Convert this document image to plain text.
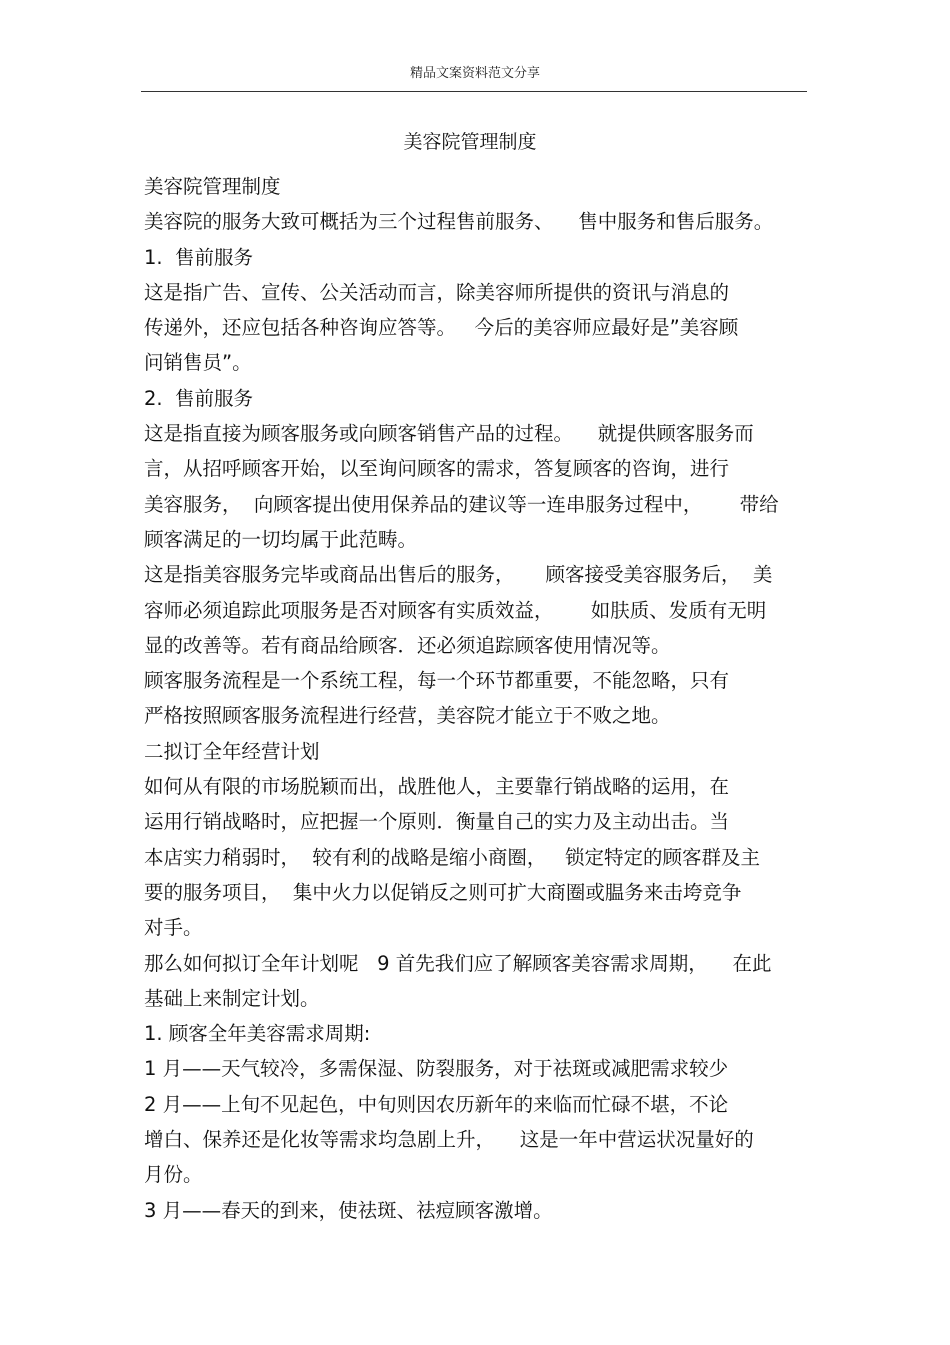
精品文案资料范文分享
美容院管理制度
美容院管理制度
美容院的服务大致可概括为三个过程售前服务、    售中服务和售后服务。
1.  售前服务
这是指广告、宣传、公关活动而言，除美容师所提供的资讯与消息的
传递外，还应包括各种咨询应答等。   今后的美容师应最好是”美容顾
问销售员”。
2.  售前服务
这是指直接为顾客服务或向顾客销售产品的过程。    就提供顾客服务而
言，从招呼顾客开始，以至询问顾客的需求，答复顾客的咨询，进行
美容服务，  向顾客提出使用保养品的建议等一连串服务过程中，      带给
顾客满足的一切均属于此范畴。
这是指美容服务完毕或商品出售后的服务，     顾客接受美容服务后，  美
容师必须追踪此项服务是否对顾客有实质效益，      如肤质、发质有无明
显的改善等。若有商品给顾客．还必须追踪顾客使用情况等。
顾客服务流程是一个系统工程，每一个环节都重要，不能忽略，只有
严格按照顾客服务流程进行经营，美容院才能立于不败之地。
二拟订全年经营计划
如何从有限的市场脱颖而出，战胜他人，主要靠行销战略的运用，在
运用行销战略时，应把握一个原则．衡量自己的实力及主动出击。当
本店实力稍弱时，  较有利的战略是缩小商圈，   锁定特定的顾客群及主
要的服务项目，  集中火力以促销反之则可扩大商圈或腽务来击垮竞争
对手。
那么如何拟订全年计划呢   9 首先我们应了解顾客美容需求周期，    在此
基础上来制定计划。
1. 顾客全年美容需求周期:
1 月——天气较冷，多需保湿、防裂服务，对于祛斑或减肥需求较少
2 月——上旬不见起色，中旬则因农历新年的来临而忙碌不堪，不论
增白、保养还是化妆等需求均急剧上升，    这是一年中营运状况量好的
月份。
3 月——春天的到来，使祛斑、祛痘顾客激增。
